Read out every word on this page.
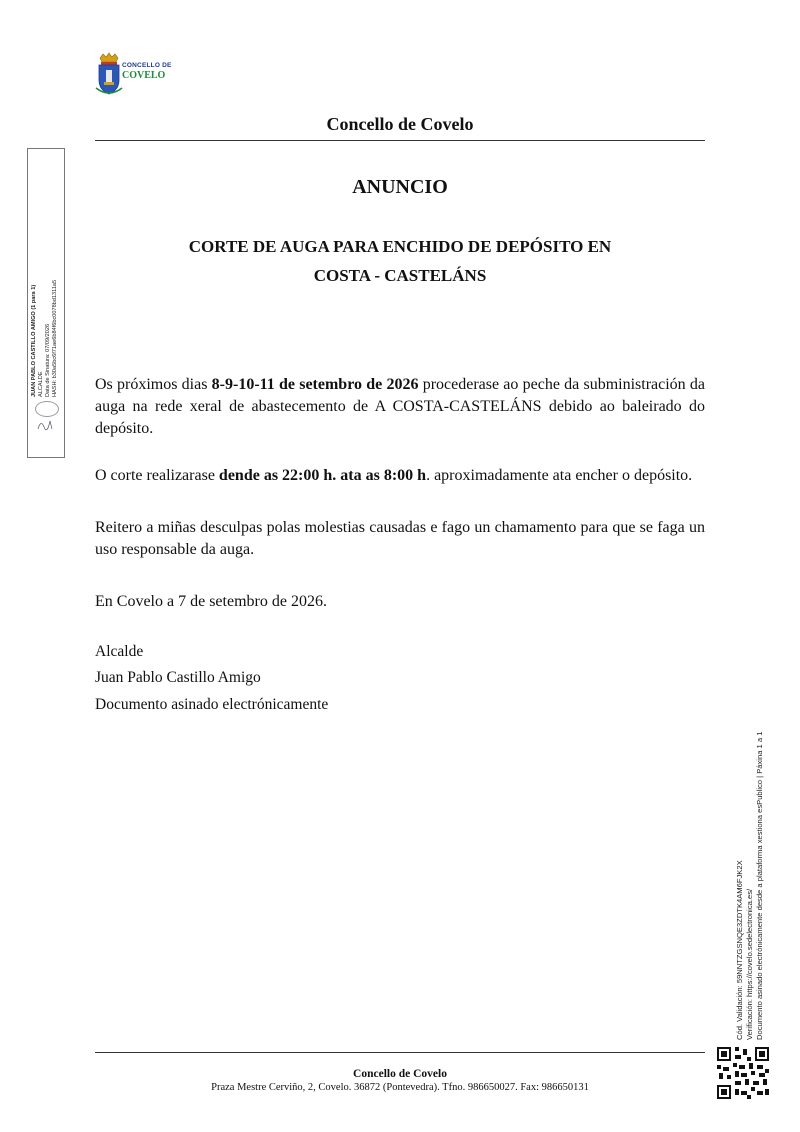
CONCELLO DE
COVELO
Concello de Covelo
JUAN PABLO CASTILLO AMIGO (1 para 1) ALCALDE Data de Sinatura: 07/09/2026 HASH: b30a5bc6f71ae6b84f6bc0078bd1311a5
ANUNCIO
CORTE DE AUGA PARA ENCHIDO DE DEPÓSITO EN
COSTA - CASTELÁNS
Os próximos dias 8-9-10-11 de setembro de 2026 procederase ao peche da subministración da auga na rede xeral de abastecemento de A COSTA-CASTELÁNS debido ao baleirado do depósito.
O corte realizarase dende as 22:00 h. ata as 8:00 h. aproximadamente ata encher o depósito.
Reitero a miñas desculpas polas molestias causadas e fago un chamamento para que se faga un uso responsable da auga.
En Covelo a 7 de setembro de 2026.
Alcalde
Juan Pablo Castillo Amigo
Documento asinado electrónicamente
Cód. Validación: 59NNTZGSNQE3ZDTK4AM6FJK2X Verificación: https://covelo.sedelectronica.es/ Documento asinado electrónicamente desde a plataforma xestiona esPublico | Páxina 1 a 1
Concello de Covelo
Praza Mestre Cerviño, 2, Covelo. 36872 (Pontevedra). Tfno. 986650027. Fax: 986650131
